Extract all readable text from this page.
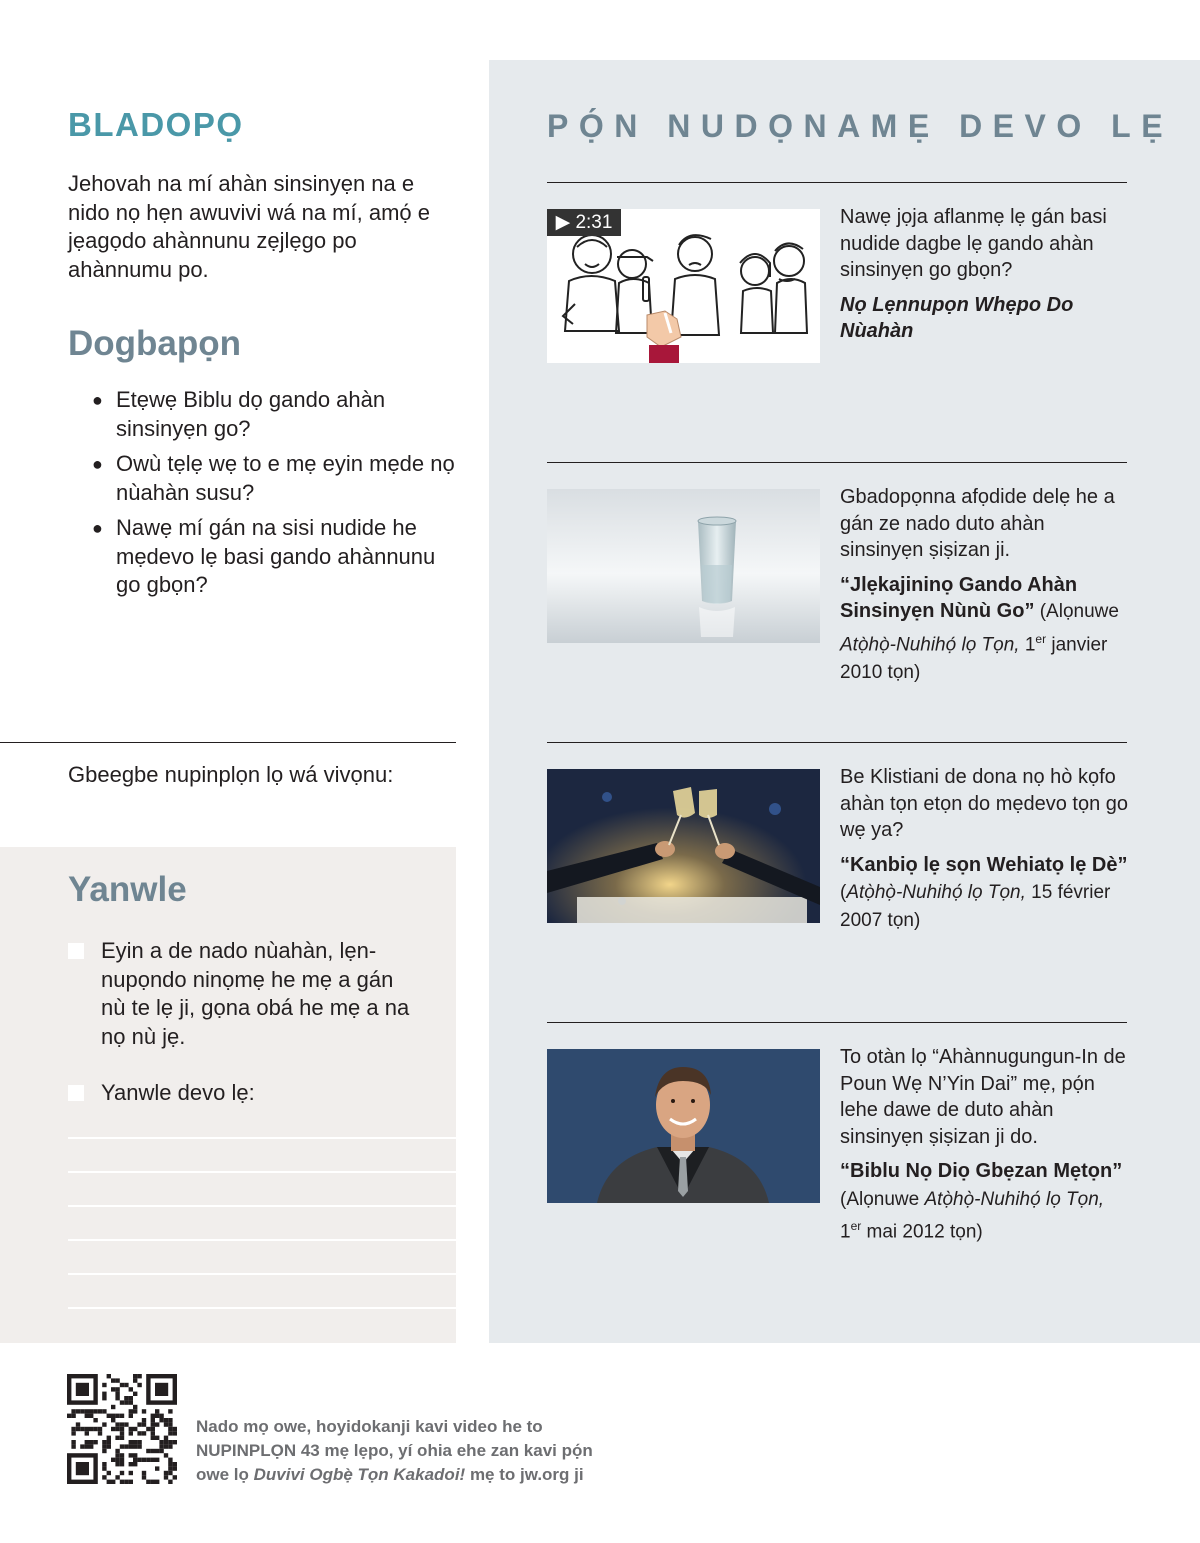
BLADOPỌ

Jehovah na mí ahàn sinsinyẹn na e nido nọ hẹn awuvivi wá na mí, amọ́ e jẹagọdo ahànnunu zẹjlẹgo po ahànnumu po.

Dogbapọn
● Etẹwẹ Biblu dọ gando ahàn sinsinyẹn go?
● Owù tẹlẹ wẹ to e mẹ eyin mẹde nọ nùahàn susu?
● Nawẹ mí gán na sisi nudide he mẹdevo lẹ basi gando ahànnunu go gbọn?

Gbeegbe nupinplọn lọ wá vivọnu:

Yanwle

Eyin a de nado nùahàn, lẹn-nupọndo ninọmẹ he mẹ a gán nù te lẹ ji, gọna obá he mẹ a na nọ nù jẹ.

Yanwle devo lẹ:

PỌ́N NUDỌNAMẸ DEVO LẸ
▶ 2:31	Nawẹ jọja aflanmẹ lẹ gán basi nudide dagbe lẹ gando ahàn sinsinyẹn go gbọn?

Nọ Lẹnnupọn Whẹpo Do Nùahàn

Gbadopọnna afọdide delẹ he a gán ze nado duto ahàn sinsinyẹn ṣiṣizan ji.

“Jlẹkajininọ Gando Ahàn Sinsinyẹn Nùnù Go” (Alọnuwe Atọ̀họ̀-Nuhihọ́ lọ Tọn, 1er janvier 2010 tọn)

Be Klistiani de dona nọ hò kọfo ahàn tọn etọn do mẹdevo tọn go wẹ ya?

“Kanbiọ lẹ sọn Wehiatọ lẹ Dè” (Atọ̀họ̀-Nuhihọ́ lọ Tọn, 15 février 2007 tọn)

To otàn lọ “Ahànnugungun-In de Poun Wẹ N’Yin Dai” mẹ, pọ́n lehe dawe de duto ahàn sinsinyẹn ṣiṣizan ji do.

“Biblu Nọ Diọ Gbẹzan Mẹtọn” (Alọnuwe Atọ̀họ̀-Nuhihọ́ lọ Tọn,
1er mai 2012 tọn)

Nado mọ owe, hoyidokanji kavi video he to NUPINPLỌN 43 mẹ lẹpo, yí ohia ehe zan kavi pọ́n owe lọ Duvivi Ogbẹ̀ Tọn Kakadoi! mẹ to jw.org ji
